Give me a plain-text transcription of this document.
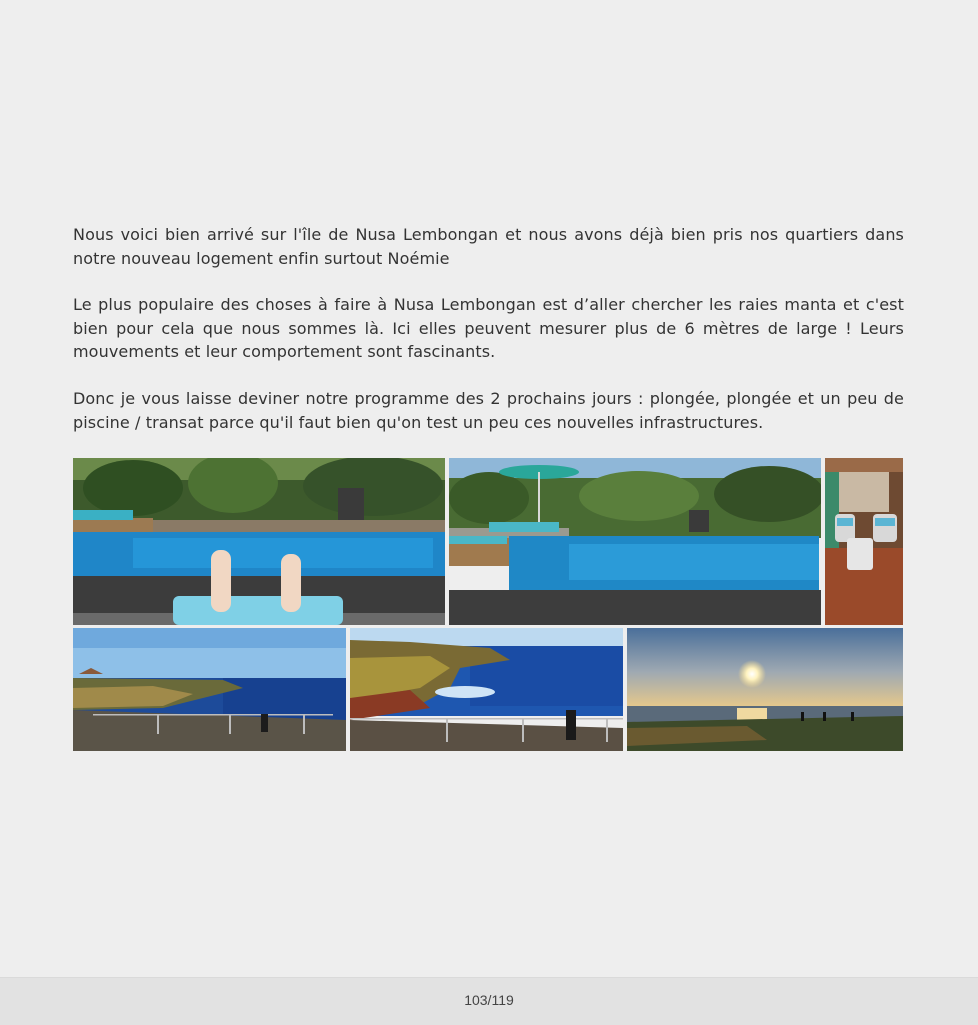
Nous voici bien arrivé sur l'île de Nusa Lembongan et nous avons déjà bien pris nos quartiers dans notre nouveau logement enfin surtout Noémie

Le plus populaire des choses à faire à Nusa Lembongan est d’aller chercher les raies manta et c'est bien pour cela que nous sommes là. Ici elles peuvent mesurer plus de 6 mètres de large ! Leurs mouvements et leur comportement sont fascinants.

Donc je vous laisse deviner notre programme des 2 prochains jours : plongée, plongée et un peu de piscine / transat parce qu'il faut bien qu'on test un peu ces nouvelles infrastructures.

103/119
